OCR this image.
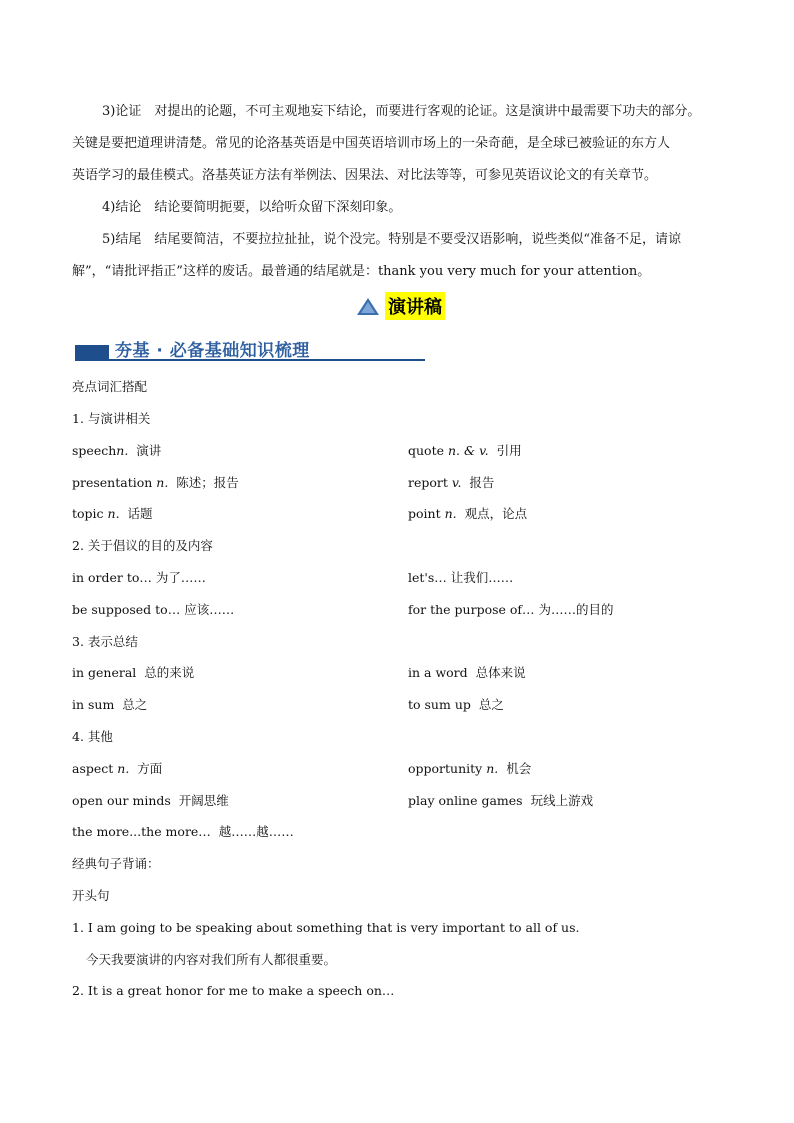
3)论证　对提出的论题，不可主观地妄下结论，而要进行客观的论证。这是演讲中最需要下功夫的部分。
关键是要把道理讲清楚。常见的论洛基英语是中国英语培训市场上的一朵奇葩，是全球已被验证的东方人
英语学习的最佳模式。洛基英证方法有举例法、因果法、对比法等等，可参见英语议论文的有关章节。
4)结论　结论要简明扼要，以给听众留下深刻印象。
5)结尾　结尾要简洁，不要拉拉扯扯，说个没完。特别是不要受汉语影响，说些类似“准备不足，请谅
解”，“请批评指正”这样的废话。最普通的结尾就是：thank you very much for your attention。
演讲稿
夯基 · 必备基础知识梳理
亮点词汇搭配
1. 与演讲相关
speechn. 演讲	quote n. & v. 引用
presentation n. 陈述；报告	report v. 报告
topic n. 话题	point n. 观点，论点
2. 关于倡议的目的及内容
in order to… 为了……	let's… 让我们……
be supposed to… 应该……	for the purpose of… 为……的目的
3. 表示总结
in general 总的来说	in a word 总体来说
in sum 总之	to sum up 总之
4. 其他
aspect n. 方面	opportunity n. 机会
open our minds 开阔思维	play online games 玩线上游戏
the more...the more… 越……越……
经典句子背诵：
开头句
1. I am going to be speaking about something that is very important to all of us.
今天我要演讲的内容对我们所有人都很重要。
2. It is a great honor for me to make a speech on…
